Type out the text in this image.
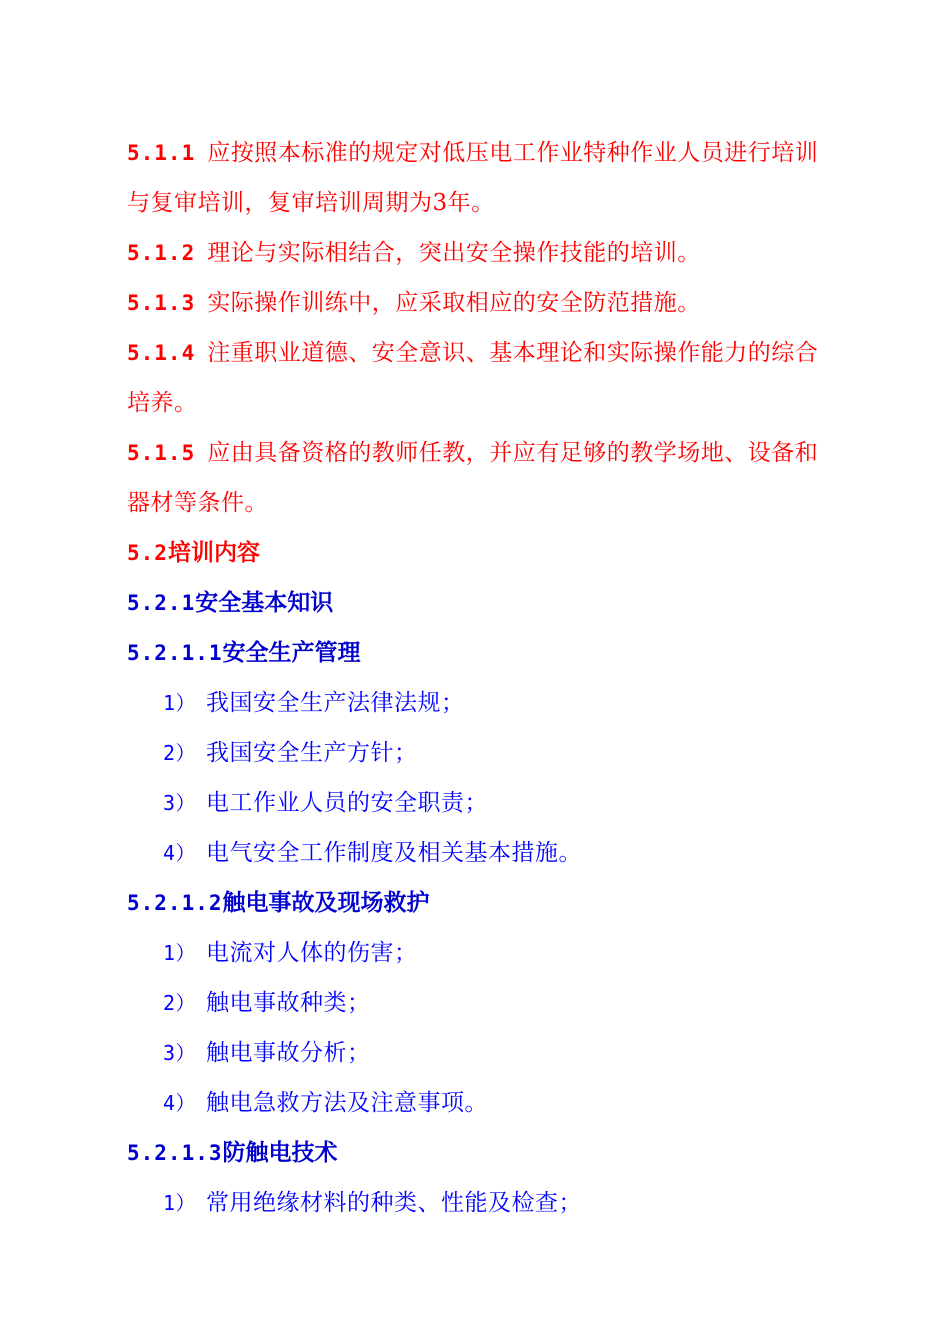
5.1.1 应按照本标准的规定对低压电工作业特种作业人员进行培训与复审培训，复审培训周期为3年。

5.1.2 理论与实际相结合，突出安全操作技能的培训。

5.1.3 实际操作训练中，应采取相应的安全防范措施。

5.1.4 注重职业道德、安全意识、基本理论和实际操作能力的综合培养。

5.1.5 应由具备资格的教师任教，并应有足够的教学场地、设备和器材等条件。

5.2培训内容

5.2.1安全基本知识

5.2.1.1安全生产管理

1） 我国安全生产法律法规；

2） 我国安全生产方针；

3） 电工作业人员的安全职责；

4） 电气安全工作制度及相关基本措施。

5.2.1.2触电事故及现场救护

1） 电流对人体的伤害；

2） 触电事故种类；

3） 触电事故分析；

4） 触电急救方法及注意事项。

5.2.1.3防触电技术

1） 常用绝缘材料的种类、性能及检查；
